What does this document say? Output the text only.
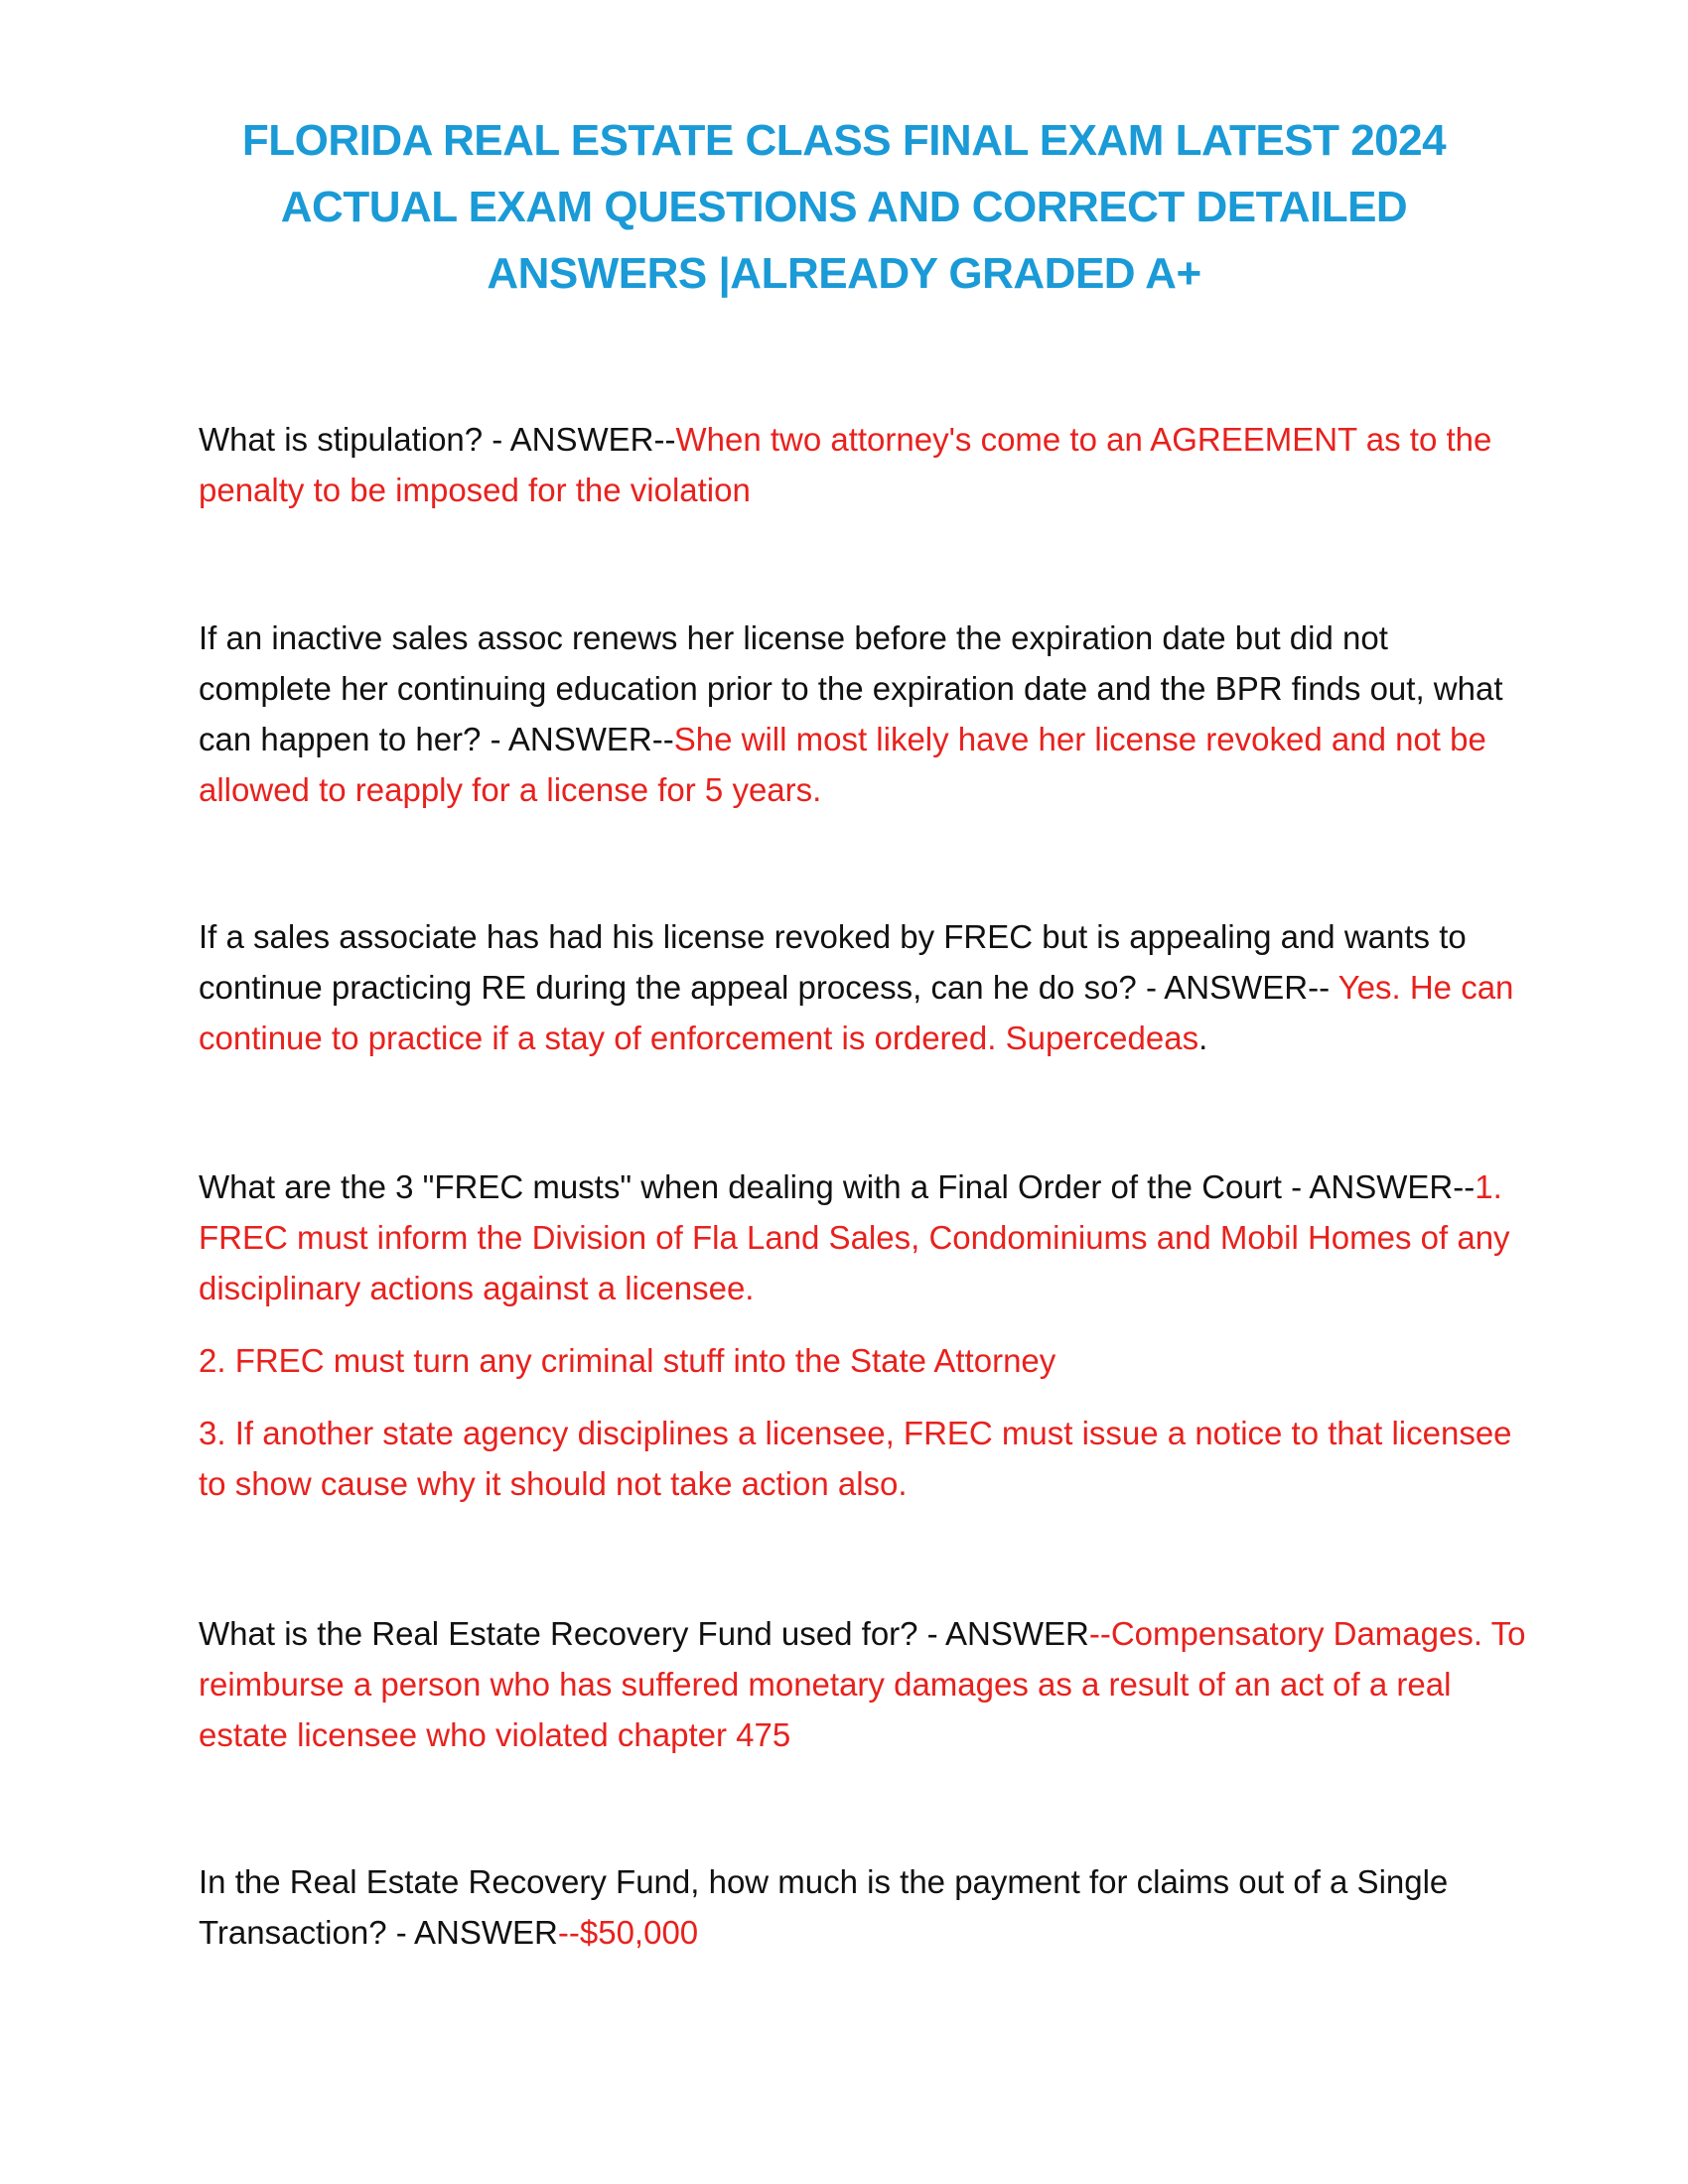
FLORIDA REAL ESTATE CLASS FINAL EXAM LATEST 2024
ACTUAL EXAM QUESTIONS AND CORRECT DETAILED
ANSWERS |ALREADY GRADED A+
What is stipulation? - ANSWER--When two attorney's come to an AGREEMENT as to the penalty to be imposed for the violation
If an inactive sales assoc renews her license before the expiration date but did not complete her continuing education prior to the expiration date and the BPR finds out, what can happen to her? - ANSWER--She will most likely have her license revoked and not be allowed to reapply for a license for 5 years.
If a sales associate has had his license revoked by FREC but is appealing and wants to continue practicing RE during the appeal process, can he do so? - ANSWER-- Yes. He can continue to practice if a stay of enforcement is ordered. Supercedeas.
What are the 3 "FREC musts" when dealing with a Final Order of the Court - ANSWER--1. FREC must inform the Division of Fla Land Sales, Condominiums and Mobil Homes of any disciplinary actions against a licensee.
2. FREC must turn any criminal stuff into the State Attorney
3. If another state agency disciplines a licensee, FREC must issue a notice to that licensee to show cause why it should not take action also.
What is the Real Estate Recovery Fund used for? - ANSWER--Compensatory Damages. To reimburse a person who has suffered monetary damages as a result of an act of a real estate licensee who violated chapter 475
In the Real Estate Recovery Fund, how much is the payment for claims out of a Single Transaction? - ANSWER--$50,000
